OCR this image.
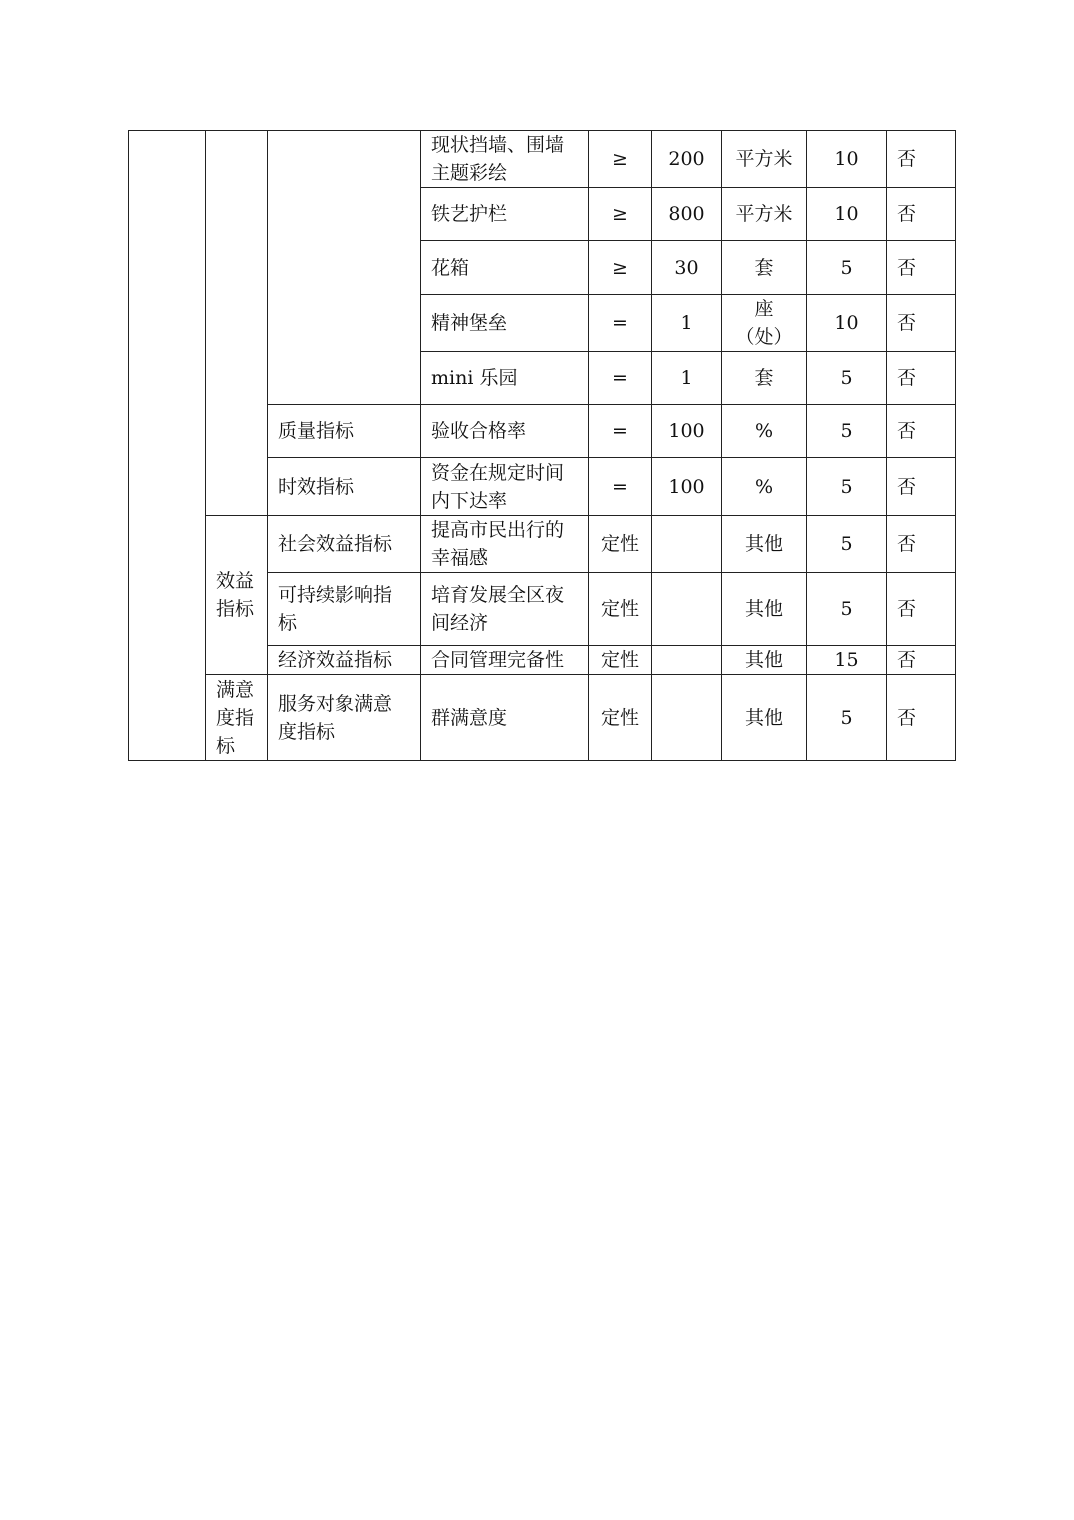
			现状挡墙、围墙主题彩绘	≥	200	平方米	10	否
			铁艺护栏	≥	800	平方米	10	否
			花箱	≥	30	套	5	否
			精神堡垒	=	1	座（处）	10	否
			mini 乐园	=	1	套	5	否
		质量指标	验收合格率	=	100	%	5	否
		时效指标	资金在规定时间内下达率	=	100	%	5	否
	效益指标	社会效益指标	提高市民出行的幸福感	定性		其他	5	否
		可持续影响指标	培育发展全区夜间经济	定性		其他	5	否
		经济效益指标	合同管理完备性	定性		其他	15	否
	满意度指标	服务对象满意度指标	群满意度	定性		其他	5	否
